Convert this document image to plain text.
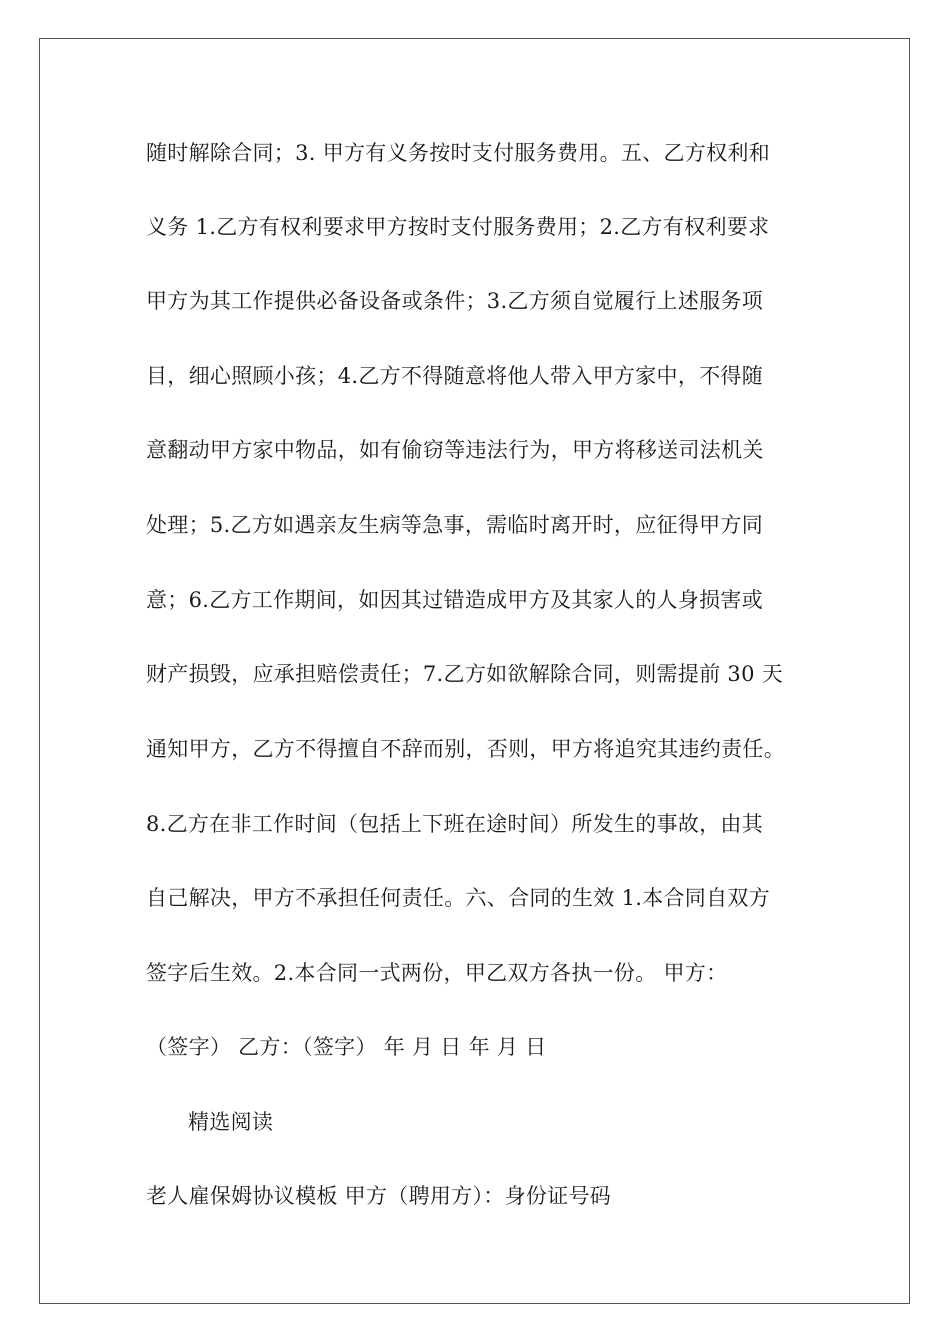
随时解除合同；3. 甲方有义务按时支付服务费用。五、乙方权利和
义务 1.乙方有权利要求甲方按时支付服务费用；2.乙方有权利要求
甲方为其工作提供必备设备或条件；3.乙方须自觉履行上述服务项
目，细心照顾小孩；4.乙方不得随意将他人带入甲方家中，不得随
意翻动甲方家中物品，如有偷窃等违法行为，甲方将移送司法机关
处理；5.乙方如遇亲友生病等急事，需临时离开时，应征得甲方同
意；6.乙方工作期间，如因其过错造成甲方及其家人的人身损害或
财产损毁，应承担赔偿责任；7.乙方如欲解除合同，则需提前 30 天
通知甲方，乙方不得擅自不辞而别，否则，甲方将追究其违约责任。
8.乙方在非工作时间（包括上下班在途时间）所发生的事故，由其
自己解决，甲方不承担任何责任。六、合同的生效 1.本合同自双方
签字后生效。2.本合同一式两份，甲乙双方各执一份。 甲方：
（签字） 乙方：（签字） 年 月 日 年 月 日
精选阅读
老人雇保姆协议模板 甲方（聘用方）：身份证号码
